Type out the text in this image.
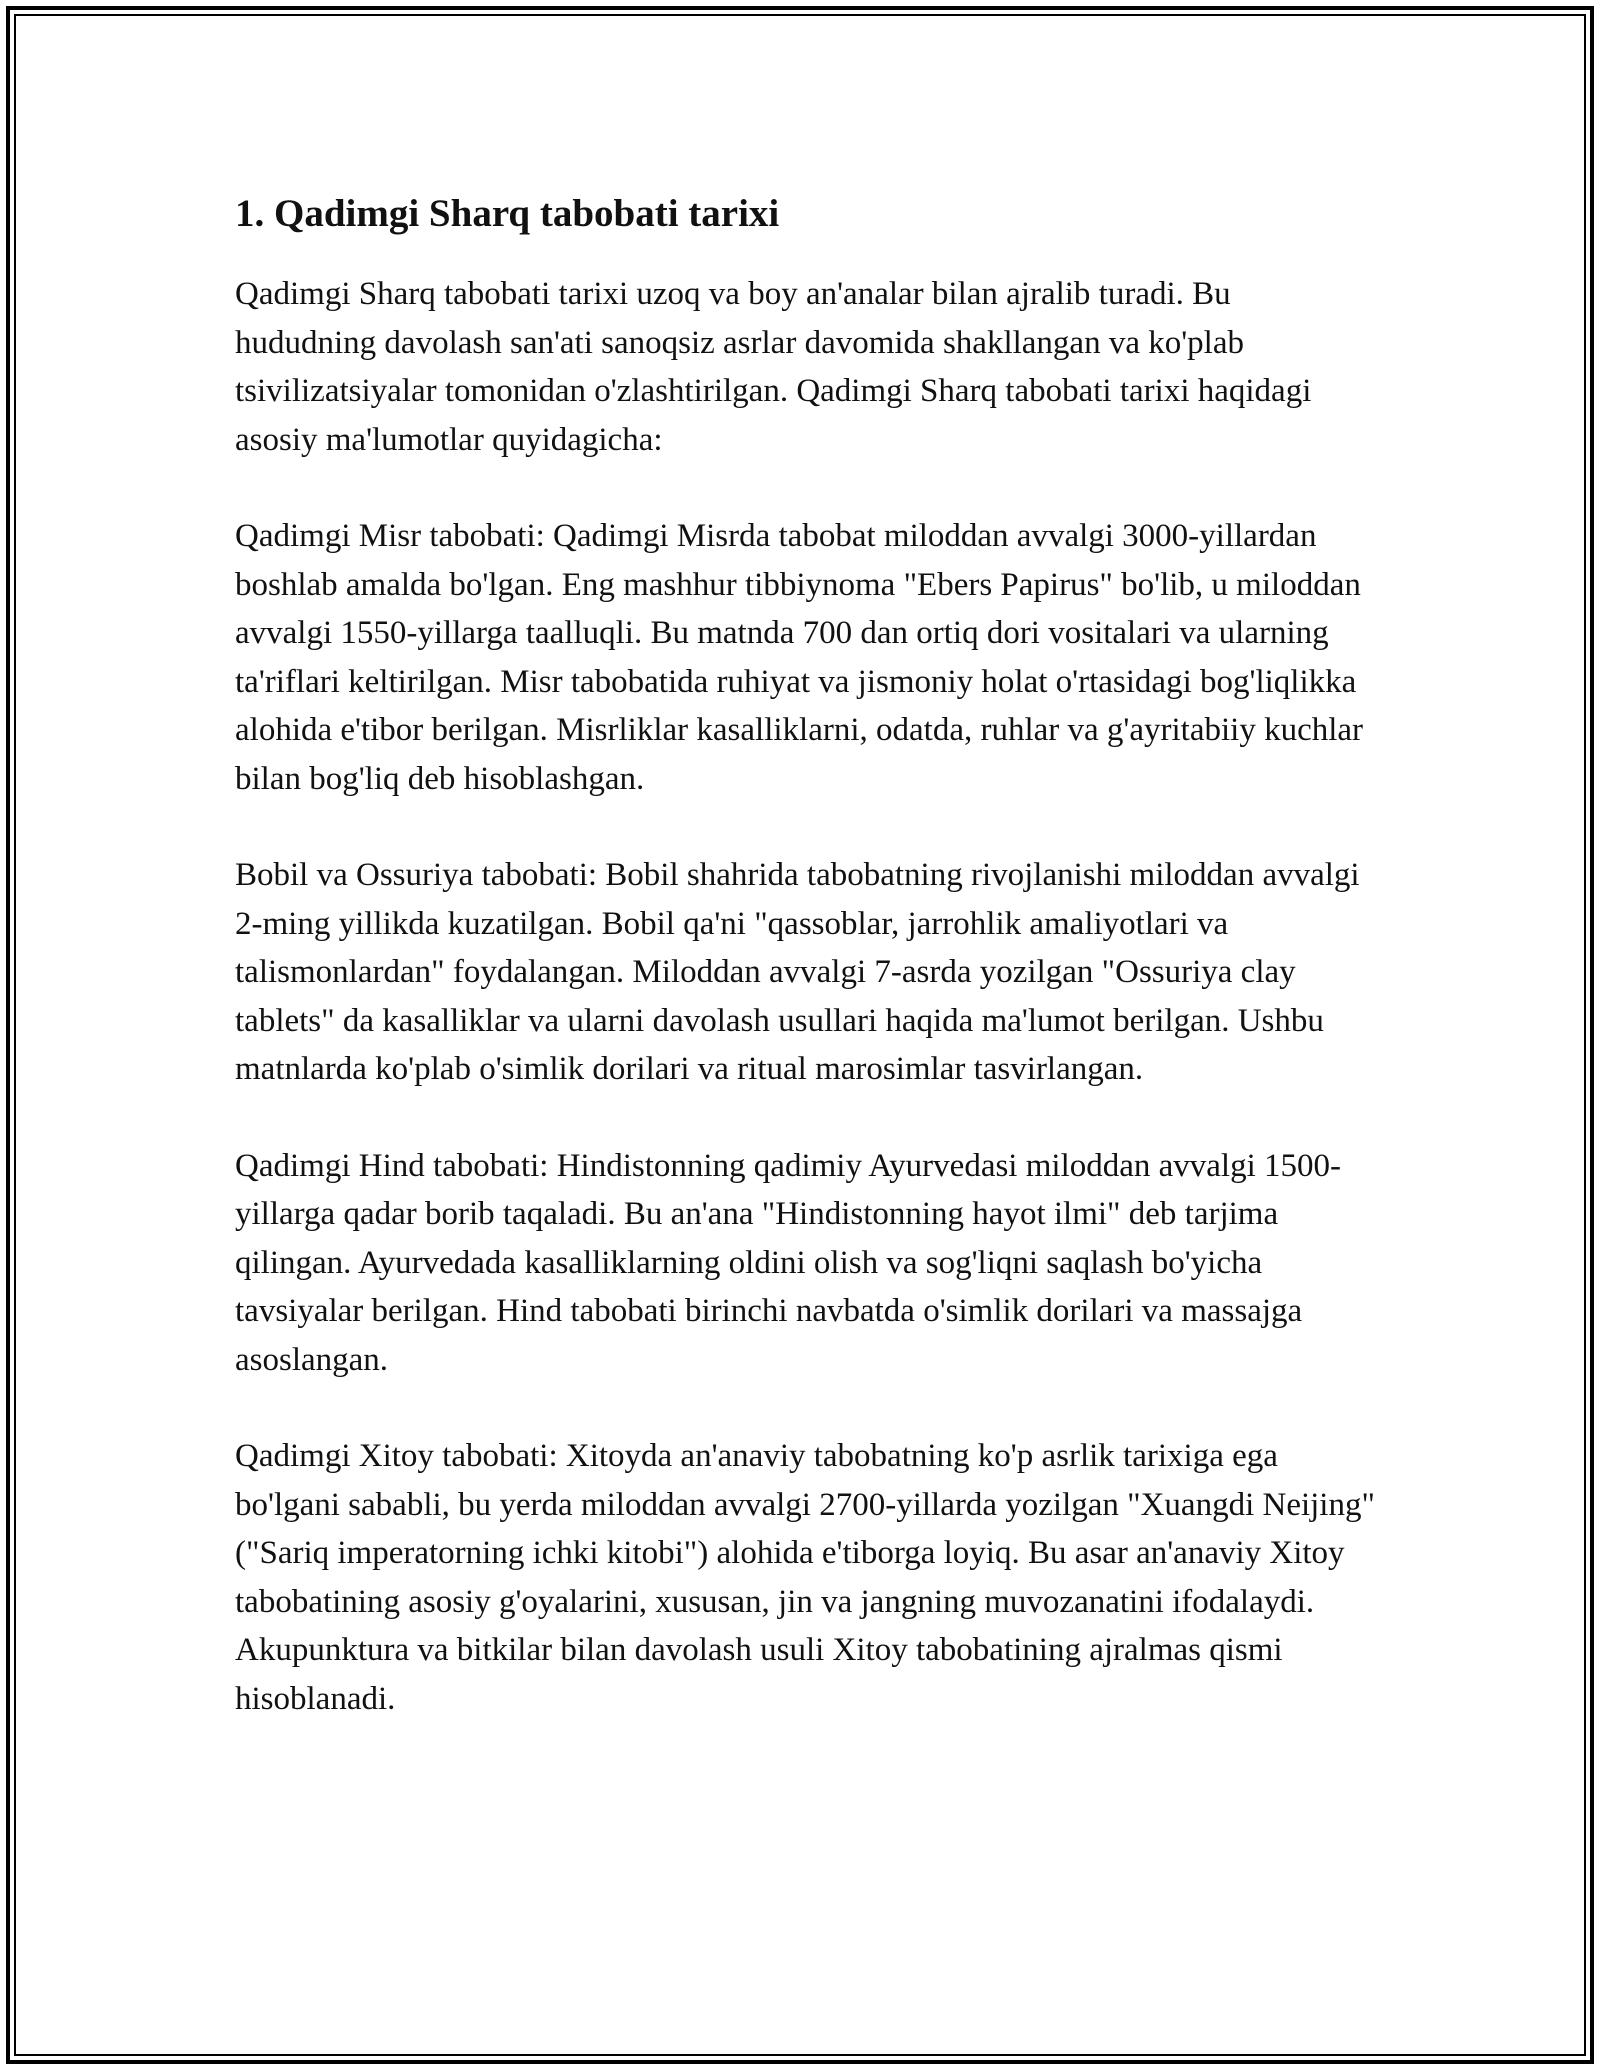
1. Qadimgi Sharq tabobati tarixi

Qadimgi Sharq tabobati tarixi uzoq va boy an'analar bilan ajralib turadi. Bu hududning davolash san'ati sanoqsiz asrlar davomida shakllangan va ko'plab tsivilizatsiyalar tomonidan o'zlashtirilgan. Qadimgi Sharq tabobati tarixi haqidagi asosiy ma'lumotlar quyidagicha:

Qadimgi Misr tabobati: Qadimgi Misrda tabobat miloddan avvalgi 3000-yillardan boshlab amalda bo'lgan. Eng mashhur tibbiynoma "Ebers Papirus" bo'lib, u miloddan avvalgi 1550-yillarga taalluqli. Bu matnda 700 dan ortiq dori vositalari va ularning ta'riflari keltirilgan. Misr tabobatida ruhiyat va jismoniy holat o'rtasidagi bog'liqlikka alohida e'tibor berilgan. Misrliklar kasalliklarni, odatda, ruhlar va g'ayritabiiy kuchlar bilan bog'liq deb hisoblashgan.

Bobil va Ossuriya tabobati: Bobil shahrida tabobatning rivojlanishi miloddan avvalgi 2-ming yillikda kuzatilgan. Bobil qa'ni "qassoblar, jarrohlik amaliyotlari va talismonlardan" foydalangan. Miloddan avvalgi 7-asrda yozilgan "Ossuriya clay tablets" da kasalliklar va ularni davolash usullari haqida ma'lumot berilgan. Ushbu matnlarda ko'plab o'simlik dorilari va ritual marosimlar tasvirlangan.

Qadimgi Hind tabobati: Hindistonning qadimiy Ayurvedasi miloddan avvalgi 1500-yillarga qadar borib taqaladi. Bu an'ana "Hindistonning hayot ilmi" deb tarjima qilingan. Ayurvedada kasalliklarning oldini olish va sog'liqni saqlash bo'yicha tavsiyalar berilgan. Hind tabobati birinchi navbatda o'simlik dorilari va massajga asoslangan.

Qadimgi Xitoy tabobati: Xitoyda an'anaviy tabobatning ko'p asrlik tarixiga ega bo'lgani sababli, bu yerda miloddan avvalgi 2700-yillarda yozilgan "Xuangdi Neijing" ("Sariq imperatorning ichki kitobi") alohida e'tiborga loyiq. Bu asar an'anaviy Xitoy tabobatining asosiy g'oyalarini, xususan, jin va jangning muvozanatini ifodalaydi. Akupunktura va bitkilar bilan davolash usuli Xitoy tabobatining ajralmas qismi hisoblanadi.
